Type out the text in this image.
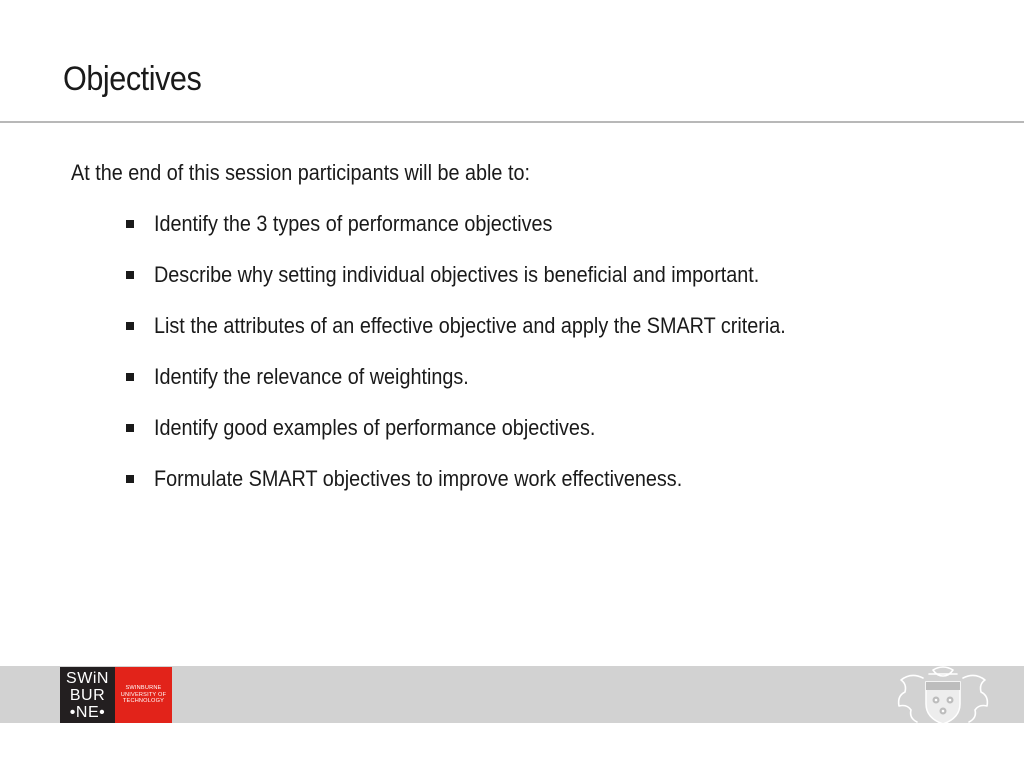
Objectives
At the end of this session participants will be able to:
Identify the 3 types of performance objectives
Describe why setting individual objectives is beneficial and important.
List the attributes of an effective objective and apply the SMART criteria.
Identify the relevance of weightings.
Identify good examples of performance objectives.
Formulate SMART objectives to improve work effectiveness.
SWiN
BUR
•NE•
SWINBURNE
UNIVERSITY OF
TECHNOLOGY
